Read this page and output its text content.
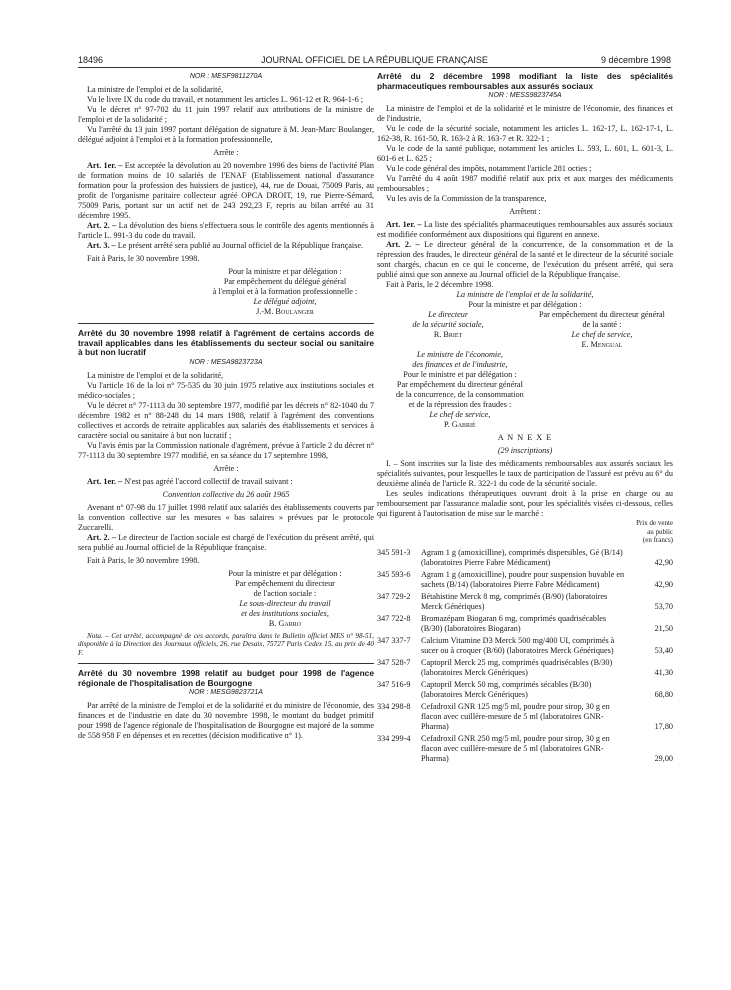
18496	JOURNAL OFFICIEL DE LA RÉPUBLIQUE FRANÇAISE	9 décembre 1998
NOR : MESF9811270A

La ministre de l'emploi et de la solidarité,

Vu le livre IX du code du travail, et notamment les articles L. 961-12 et R. 964-1-6 ;

Vu le décret n° 97-702 du 11 juin 1997 relatif aux attributions de la ministre de l'emploi et de la solidarité ;

Vu l'arrêté du 13 juin 1997 portant délégation de signature à M. Jean-Marc Boulanger, délégué adjoint à l'emploi et à la formation professionnelle,

Arrête :

Art. 1er. – Est acceptée la dévolution au 20 novembre 1996 des biens de l'activité Plan de formation moins de 10 salariés de l'ENAF (Etablissement national d'assurance formation pour la profession des huissiers de justice), 44, rue de Douai, 75009 Paris, au profit de l'organisme paritaire collecteur agréé OPCA DROIT, 19, rue Pierre-Sémard, 75009 Paris, portant sur un actif net de 243 292,23 F, repris au bilan arrêté au 31 décembre 1995.

Art. 2. – La dévolution des biens s'effectuera sous le contrôle des agents mentionnés à l'article L. 991-3 du code du travail.

Art. 3. – Le présent arrêté sera publié au Journal officiel de la République française.

Fait à Paris, le 30 novembre 1998.

Pour la ministre et par délégation :
Par empêchement du délégué général
à l'emploi et à la formation professionnelle :
Le délégué adjoint,
J.-M. Boulanger
Arrêté du 30 novembre 1998 relatif à l'agrément de certains accords de travail applicables dans les établissements du secteur social ou sanitaire à but non lucratif
NOR : MESA9823723A

La ministre de l'emploi et de la solidarité,

Vu l'article 16 de la loi n° 75-535 du 30 juin 1975 relative aux institutions sociales et médico-sociales ;

Vu le décret n° 77-1113 du 30 septembre 1977, modifié par les décrets n° 82-1040 du 7 décembre 1982 et n° 88-248 du 14 mars 1988, relatif à l'agrément des conventions collectives et accords de retraite applicables aux salariés des établissements et services à caractère social ou sanitaire à but non lucratif ;

Vu l'avis émis par la Commission nationale d'agrément, prévue à l'article 2 du décret n° 77-1113 du 30 septembre 1977 modifié, en sa séance du 17 septembre 1998,

Arrête :

Art. 1er. – N'est pas agréé l'accord collectif de travail suivant :

Convention collective du 26 août 1965

Avenant n° 07-98 du 17 juillet 1998 relatif aux salariés des établissements couverts par la convention collective sur les mesures « bas salaires » prévues par le protocole Zuccarelli.

Art. 2. – Le directeur de l'action sociale est chargé de l'exécution du présent arrêté, qui sera publié au Journal officiel de la République française.

Fait à Paris, le 30 novembre 1998.

Pour la ministre et par délégation :
Par empêchement du directeur
de l'action sociale :
Le sous-directeur du travail
et des institutions sociales,
B. Garro

Nota. – Cet arrêté, accompagné de ces accords, paraîtra dans le Bulletin officiel MES n° 98-51, disponible à la Direction des Journaux officiels, 26, rue Desaix, 75727 Paris Cedex 15, au prix de 40 F.

Arrêté du 30 novembre 1998 relatif au budget pour 1998 de l'agence régionale de l'hospitalisation de Bourgogne
NOR : MESG9823721A

Par arrêté de la ministre de l'emploi et de la solidarité et du ministre de l'économie, des finances et de l'industrie en date du 30 novembre 1998, le montant du budget primitif pour 1998 de l'agence régionale de l'hospitalisation de Bourgogne est majoré de la somme de 558 958 F en dépenses et en recettes (décision modificative n° 1).

Arrêté du 2 décembre 1998 modifiant la liste des spécialités pharmaceutiques remboursables aux assurés sociaux
NOR : MESS9823745A

La ministre de l'emploi et de la solidarité et le ministre de l'économie, des finances et de l'industrie,

Vu le code de la sécurité sociale, notamment les articles L. 162-17, L. 162-17-1, L. 162-38, R. 161-50, R. 163-2 à R. 163-7 et R. 322-1 ;

Vu le code de la santé publique, notamment les articles L. 593, L. 601, L. 601-3, L. 601-6 et L. 625 ;

Vu le code général des impôts, notamment l'article 281 octies ;

Vu l'arrêté du 4 août 1987 modifié relatif aux prix et aux marges des médicaments remboursables ;

Vu les avis de la Commission de la transparence,

Arrêtent :

Art. 1er. – La liste des spécialités pharmaceutiques remboursables aux assurés sociaux est modifiée conformément aux dispositions qui figurent en annexe.

Art. 2. – Le directeur général de la concurrence, de la consommation et de la répression des fraudes, le directeur général de la santé et le directeur de la sécurité sociale sont chargés, chacun en ce qui le concerne, de l'exécution du présent arrêté, qui sera publié ainsi que son annexe au Journal officiel de la République française.

Fait à Paris, le 2 décembre 1998.

La ministre de l'emploi et de la solidarité,
Pour la ministre et par délégation :
Le directeur
de la sécurité sociale,
R. Briet
Par empêchement du directeur général
de la santé :
Le chef de service,
E. Mengual
Le ministre de l'économie,
des finances et de l'industrie,
Pour le ministre et par délégation :
Par empêchement du directeur général
de la concurrence, de la consommation
et de la répression des fraudes :
Le chef de service,
P. Gabrié

A N N E X E

(29 inscriptions)

I. – Sont inscrites sur la liste des médicaments remboursables aux assurés sociaux les spécialités suivantes, pour lesquelles le taux de participation de l'assuré est prévu au 6° du deuxième alinéa de l'article R. 322-1 du code de la sécurité sociale.

Les seules indications thérapeutiques ouvrant droit à la prise en charge ou au remboursement par l'assurance maladie sont, pour les spécialités visées ci-dessous, celles qui figurent à l'autorisation de mise sur le marché :

Prix de vente
au public
(en francs)
345 591-3	Agram 1 g (amoxicilline), comprimés dispersibles, Gé (B/14) (laboratoires Pierre Fabre Médicament)	42,90
345 593-6	Agram 1 g (amoxicilline), poudre pour suspension buvable en sachets (B/14) (laboratoires Pierre Fabre Médicament)	42,90
347 729-2	Bétahistine Merck 8 mg, comprimés (B/90) (laboratoires Merck Génériques)	53,70
347 722-8	Bromazépam Biogaran 6 mg, comprimés quadrisécables (B/30) (laboratoires Biogaran)	21,50
347 337-7	Calcium Vitamine D3 Merck 500 mg/400 UI, comprimés à sucer ou à croquer (B/60) (laboratoires Merck Génériques)	53,40
347 528-7	Captopril Merck 25 mg, comprimés quadrisécables (B/30) (laboratoires Merck Génériques)	41,30
347 516-9	Captopril Merck 50 mg, comprimés sécables (B/30) (laboratoires Merck Génériques)	68,80
334 298-8	Cefadroxil GNR 125 mg/5 ml, poudre pour sirop, 30 g en flacon avec cuillère-mesure de 5 ml (laboratoires GNR-Pharma)	17,80
334 299-4	Cefadroxil GNR 250 mg/5 ml, poudre pour sirop, 30 g en flacon avec cuillère-mesure de 5 ml (laboratoires GNR-Pharma)	29,00
